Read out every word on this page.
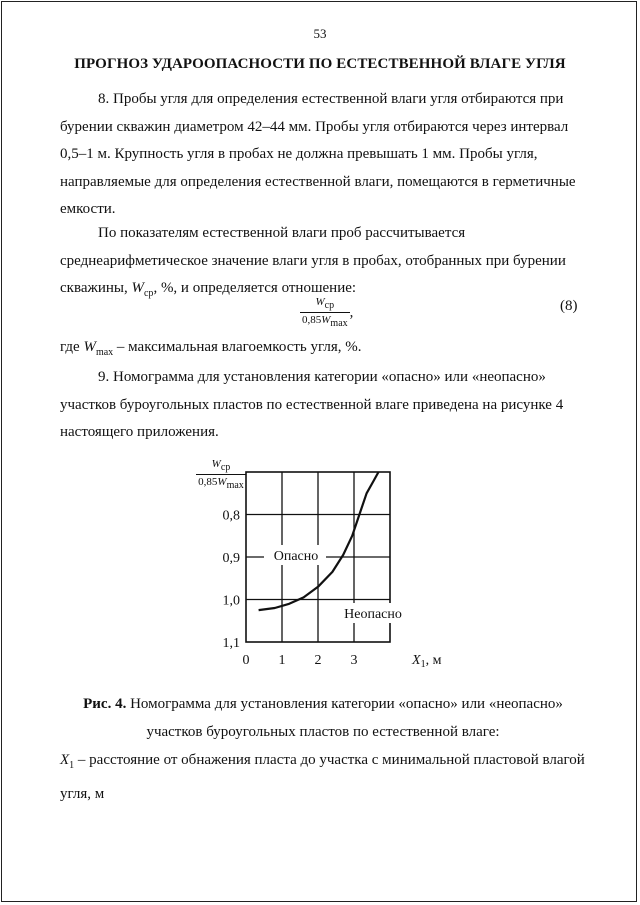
53
ПРОГНОЗ УДАРООПАСНОСТИ ПО ЕСТЕСТВЕННОЙ ВЛАГЕ УГЛЯ
8. Пробы угля для определения естественной влаги угля отбираются при
бурении скважин диаметром 42–44 мм. Пробы угля отбираются через интервал
0,5–1 м. Крупность угля в пробах не должна превышать 1 мм. Пробы угля,
направляемые для определения естественной влаги, помещаются в герметичные
емкости.
По показателям естественной влаги проб рассчитывается
среднеарифметическое значение влаги угля в пробах, отобранных при бурении
скважины, $W_{ср}$, %, и определяется отношение:
$\frac{W_{ср}}{0,85W_{max}}$ ,	(8)
где $W_{max}$ – максимальная влагоемкость угля, %.
9. Номограмма для установления категории «опасно» или «неопасно»
участков буроугольных пластов по естественной влаге приведена на рисунке 4
настоящего приложения.
0,8
0,9
1,0
1,1
0 1 2 3	$X_1$, м
Опасно
Неопасно
$\frac{W_{ср}}{0,85W_{max}}$
Рис. 4. Номограмма для установления категории «опасно» или «неопасно»
участков буроугольных пластов по естественной влаге:
$X_1$ – расстояние от обнажения пласта до участка с минимальной пластовой влагой
угля, м
